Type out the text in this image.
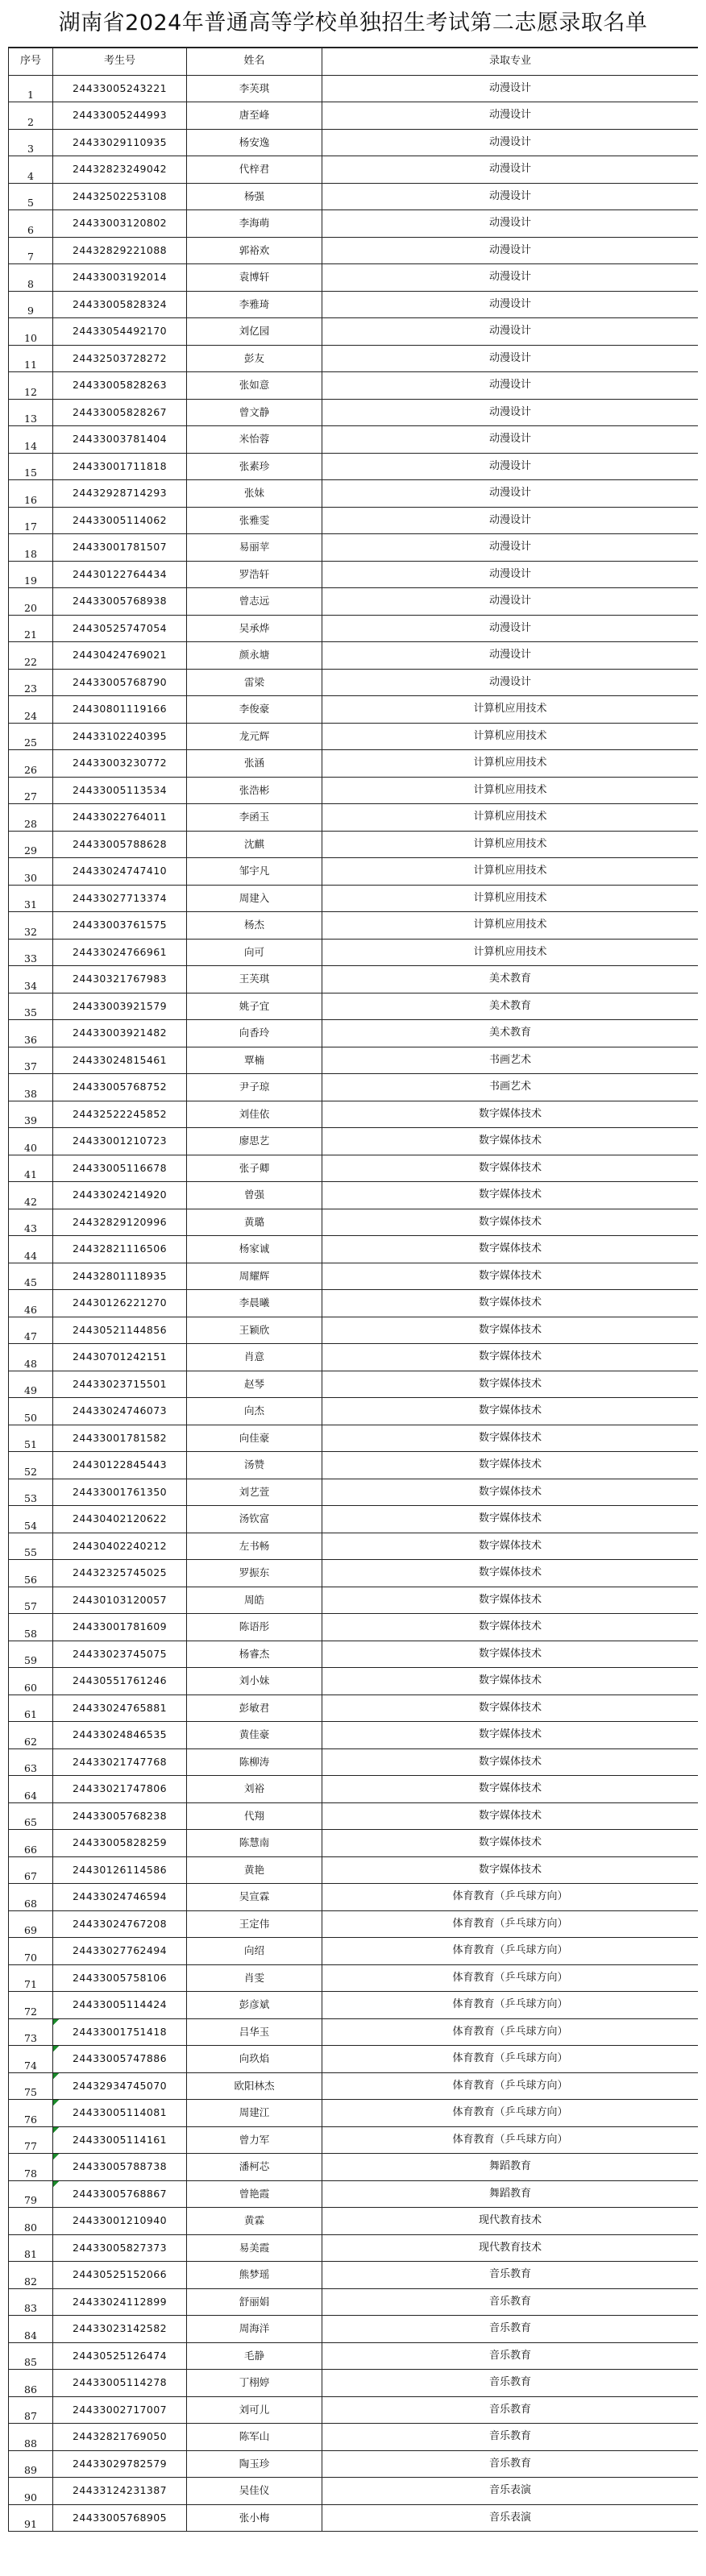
湖南省2024年普通高等学校单独招生考试第二志愿录取名单
序号	考生号	姓名	录取专业
1	24433005243221	李芙琪	动漫设计
2	24433005244993	唐至峰	动漫设计
3	24433029110935	杨安逸	动漫设计
4	24432823249042	代梓君	动漫设计
5	24432502253108	杨强	动漫设计
6	24433003120802	李海萌	动漫设计
7	24432829221088	郭裕欢	动漫设计
8	24433003192014	袁博轩	动漫设计
9	24433005828324	李雅琦	动漫设计
10	24433054492170	刘亿园	动漫设计
11	24432503728272	彭友	动漫设计
12	24433005828263	张如意	动漫设计
13	24433005828267	曾文静	动漫设计
14	24433003781404	米怡蓉	动漫设计
15	24433001711818	张素珍	动漫设计
16	24432928714293	张妹	动漫设计
17	24433005114062	张雅雯	动漫设计
18	24433001781507	易丽苹	动漫设计
19	24430122764434	罗浩轩	动漫设计
20	24433005768938	曾志远	动漫设计
21	24430525747054	吴承烨	动漫设计
22	24430424769021	颜永塘	动漫设计
23	24433005768790	雷梁	动漫设计
24	24430801119166	李俊豪	计算机应用技术
25	24433102240395	龙元辉	计算机应用技术
26	24433003230772	张涵	计算机应用技术
27	24433005113534	张浩彬	计算机应用技术
28	24433022764011	李函玉	计算机应用技术
29	24433005788628	沈麒	计算机应用技术
30	24433024747410	邹宇凡	计算机应用技术
31	24433027713374	周建入	计算机应用技术
32	24433003761575	杨杰	计算机应用技术
33	24433024766961	向可	计算机应用技术
34	24430321767983	王芙琪	美术教育
35	24433003921579	姚子宜	美术教育
36	24433003921482	向香玲	美术教育
37	24433024815461	覃楠	书画艺术
38	24433005768752	尹子琼	书画艺术
39	24432522245852	刘佳依	数字媒体技术
40	24433001210723	廖思艺	数字媒体技术
41	24433005116678	张子卿	数字媒体技术
42	24433024214920	曾强	数字媒体技术
43	24432829120996	黄璐	数字媒体技术
44	24432821116506	杨家诚	数字媒体技术
45	24432801118935	周耀辉	数字媒体技术
46	24430126221270	李晨曦	数字媒体技术
47	24430521144856	王颖欣	数字媒体技术
48	24430701242151	肖意	数字媒体技术
49	24433023715501	赵琴	数字媒体技术
50	24433024746073	向杰	数字媒体技术
51	24433001781582	向佳豪	数字媒体技术
52	24430122845443	汤赞	数字媒体技术
53	24433001761350	刘艺萱	数字媒体技术
54	24430402120622	汤钦富	数字媒体技术
55	24430402240212	左书畅	数字媒体技术
56	24432325745025	罗振东	数字媒体技术
57	24430103120057	周皓	数字媒体技术
58	24433001781609	陈语彤	数字媒体技术
59	24433023745075	杨睿杰	数字媒体技术
60	24430551761246	刘小妹	数字媒体技术
61	24433024765881	彭敏君	数字媒体技术
62	24433024846535	黄佳豪	数字媒体技术
63	24433021747768	陈柳涛	数字媒体技术
64	24433021747806	刘裕	数字媒体技术
65	24433005768238	代翔	数字媒体技术
66	24433005828259	陈慧南	数字媒体技术
67	24430126114586	黄艳	数字媒体技术
68	24433024746594	吴宣霖	体育教育（乒乓球方向）
69	24433024767208	王定伟	体育教育（乒乓球方向）
70	24433027762494	向绍	体育教育（乒乓球方向）
71	24433005758106	肖雯	体育教育（乒乓球方向）
72	24433005114424	彭彦斌	体育教育（乒乓球方向）
73	24433001751418	吕华玉	体育教育（乒乓球方向）
74	24433005747886	向玖焰	体育教育（乒乓球方向）
75	24432934745070	欧阳林杰	体育教育（乒乓球方向）
76	24433005114081	周建江	体育教育（乒乓球方向）
77	24433005114161	曾力军	体育教育（乒乓球方向）
78	24433005788738	潘柯芯	舞蹈教育
79	24433005768867	曾艳霞	舞蹈教育
80	24433001210940	黄霖	现代教育技术
81	24433005827373	易美霞	现代教育技术
82	24430525152066	熊梦瑶	音乐教育
83	24433024112899	舒丽娟	音乐教育
84	24433023142582	周海洋	音乐教育
85	24430525126474	毛静	音乐教育
86	24433005114278	丁栩婷	音乐教育
87	24433002717007	刘可儿	音乐教育
88	24432821769050	陈军山	音乐教育
89	24433029782579	陶玉珍	音乐教育
90	24433124231387	吴佳仪	音乐表演
91	24433005768905	张小梅	音乐表演
